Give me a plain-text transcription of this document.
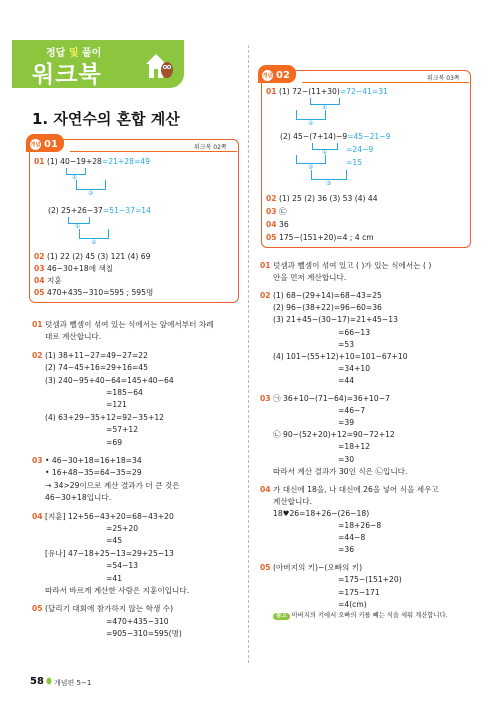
정답 및 풀이
워크북
1. 자연수의 혼합 계산
개념 01	워크북 02쪽
01 (1) 40−19+28=21+28=49
①
②
(2) 25+26−37=51−37=14
①
②
02 (1) 22 (2) 45 (3) 121 (4) 69
03 46−30+18에 색칠
04 지훈
05 470+435−310=595 ; 595명
01 덧셈과 뺄셈이 섞여 있는 식에서는 앞에서부터 차례
대로 계산합니다.
02 (1) 38+11−27=49−27=22
(2) 74−45+16=29+16=45
(3) 240−95+40−64=145+40−64
=185−64
=121
(4) 63+29−35+12=92−35+12
=57+12
=69
03 • 46−30+18=16+18=34
• 16+48−35=64−35=29
→ 34>29이므로 계산 결과가 더 큰 것은
46−30+18입니다.
04 [지훈] 12+56−43+20=68−43+20
=25+20
=45
[유나] 47−18+25−13=29+25−13
=54−13
=41
따라서 바르게 계산한 사람은 지훈이입니다.
05 (달리기 대회에 참가하지 않는 학생 수)
=470+435−310
=905−310=595(명)
개념 02	워크북 03쪽
01 (1) 72−(11+30)=72−41=31
①
②
(2) 45−(7+14)−9=45−21−9
=24−9
=15
①
②
③
02 (1) 25 (2) 36 (3) 53 (4) 44
03 ㉢
04 36
05 175−(151+20)=4 ; 4 cm
01 덧셈과 뺄셈이 섞여 있고 ( )가 있는 식에서는 ( )
안을 먼저 계산합니다.
02 (1) 68−(29+14)=68−43=25
(2) 96−(38+22)=96−60=36
(3) 21+45−(30−17)=21+45−13
=66−13
=53
(4) 101−(55+12)+10=101−67+10
=34+10
=44
03 ㉠ 36+10−(71−64)=36+10−7
=46−7
=39
㉡ 90−(52+20)+12=90−72+12
=18+12
=30
따라서 계산 결과가 30인 식은 ㉡입니다.
04 가 대신에 18을, 나 대신에 26을 넣어 식을 세우고
계산합니다.
18♥26=18+26−(26−18)
=18+26−8
=44−8
=36
05 (아버지의 키)−(오빠의 키)
=175−(151+20)
=175−171
=4(cm)
참고 아버지의 키에서 오빠의 키를 빼는 식을 세워 계산합니다.
58 개념편 5−1
